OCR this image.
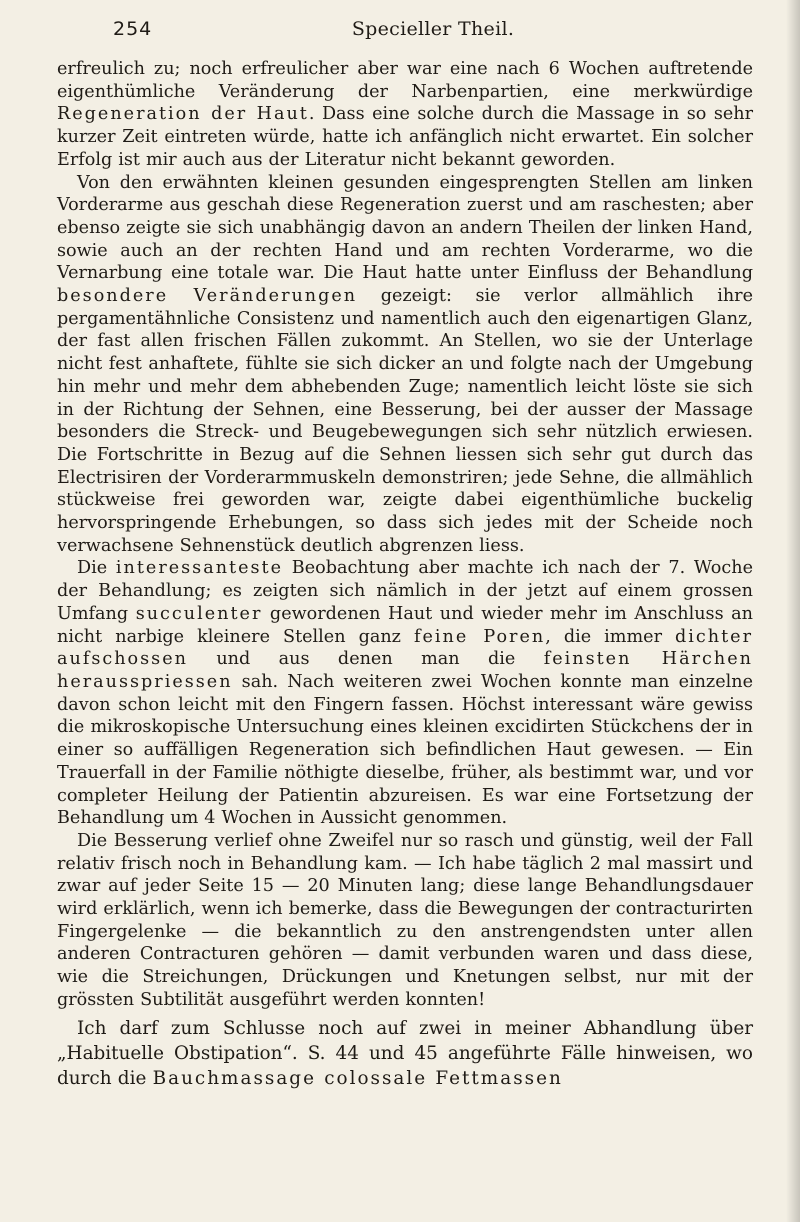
254	Specieller Theil.

erfreulich zu; noch erfreulicher aber war eine nach 6 Wochen auftretende eigenthümliche Veränderung der Narbenpartien, eine merkwürdige Regeneration der Haut. Dass eine solche durch die Massage in so sehr kurzer Zeit eintreten würde, hatte ich anfänglich nicht erwartet. Ein solcher Erfolg ist mir auch aus der Literatur nicht bekannt geworden.

Von den erwähnten kleinen gesunden eingesprengten Stellen am linken Vorderarme aus geschah diese Regeneration zuerst und am raschesten; aber ebenso zeigte sie sich unabhängig davon an andern Theilen der linken Hand, sowie auch an der rechten Hand und am rechten Vorderarme, wo die Vernarbung eine totale war. Die Haut hatte unter Einfluss der Behandlung besondere Veränderungen gezeigt: sie verlor allmählich ihre pergamentähnliche Consistenz und namentlich auch den eigenartigen Glanz, der fast allen frischen Fällen zukommt. An Stellen, wo sie der Unterlage nicht fest anhaftete, fühlte sie sich dicker an und folgte nach der Umgebung hin mehr und mehr dem abhebenden Zuge; namentlich leicht löste sie sich in der Richtung der Sehnen, eine Besserung, bei der ausser der Massage besonders die Streck- und Beugebewegungen sich sehr nützlich erwiesen. Die Fortschritte in Bezug auf die Sehnen liessen sich sehr gut durch das Electrisiren der Vorderarmmuskeln demonstriren; jede Sehne, die allmählich stückweise frei geworden war, zeigte dabei eigenthümliche buckelig hervorspringende Erhebungen, so dass sich jedes mit der Scheide noch verwachsene Sehnenstück deutlich abgrenzen liess.

Die interessanteste Beobachtung aber machte ich nach der 7. Woche der Behandlung; es zeigten sich nämlich in der jetzt auf einem grossen Umfang succulenter gewordenen Haut und wieder mehr im Anschluss an nicht narbige kleinere Stellen ganz feine Poren, die immer dichter aufschossen und aus denen man die feinsten Härchen herausspriessen sah. Nach weiteren zwei Wochen konnte man einzelne davon schon leicht mit den Fingern fassen. Höchst interessant wäre gewiss die mikroskopische Untersuchung eines kleinen excidirten Stückchens der in einer so auffälligen Regeneration sich befindlichen Haut gewesen. — Ein Trauerfall in der Familie nöthigte dieselbe, früher, als bestimmt war, und vor completer Heilung der Patientin abzureisen. Es war eine Fortsetzung der Behandlung um 4 Wochen in Aussicht genommen.

Die Besserung verlief ohne Zweifel nur so rasch und günstig, weil der Fall relativ frisch noch in Behandlung kam. — Ich habe täglich 2 mal massirt und zwar auf jeder Seite 15 — 20 Minuten lang; diese lange Behandlungsdauer wird erklärlich, wenn ich bemerke, dass die Bewegungen der contracturirten Fingergelenke — die bekanntlich zu den anstrengendsten unter allen anderen Contracturen gehören — damit verbunden waren und dass diese, wie die Streichungen, Drückungen und Knetungen selbst, nur mit der grössten Subtilität ausgeführt werden konnten!

Ich darf zum Schlusse noch auf zwei in meiner Abhandlung über „Habituelle Obstipation“. S. 44 und 45 angeführte Fälle hinweisen, wo durch die Bauchmassage colossale Fettmassen
